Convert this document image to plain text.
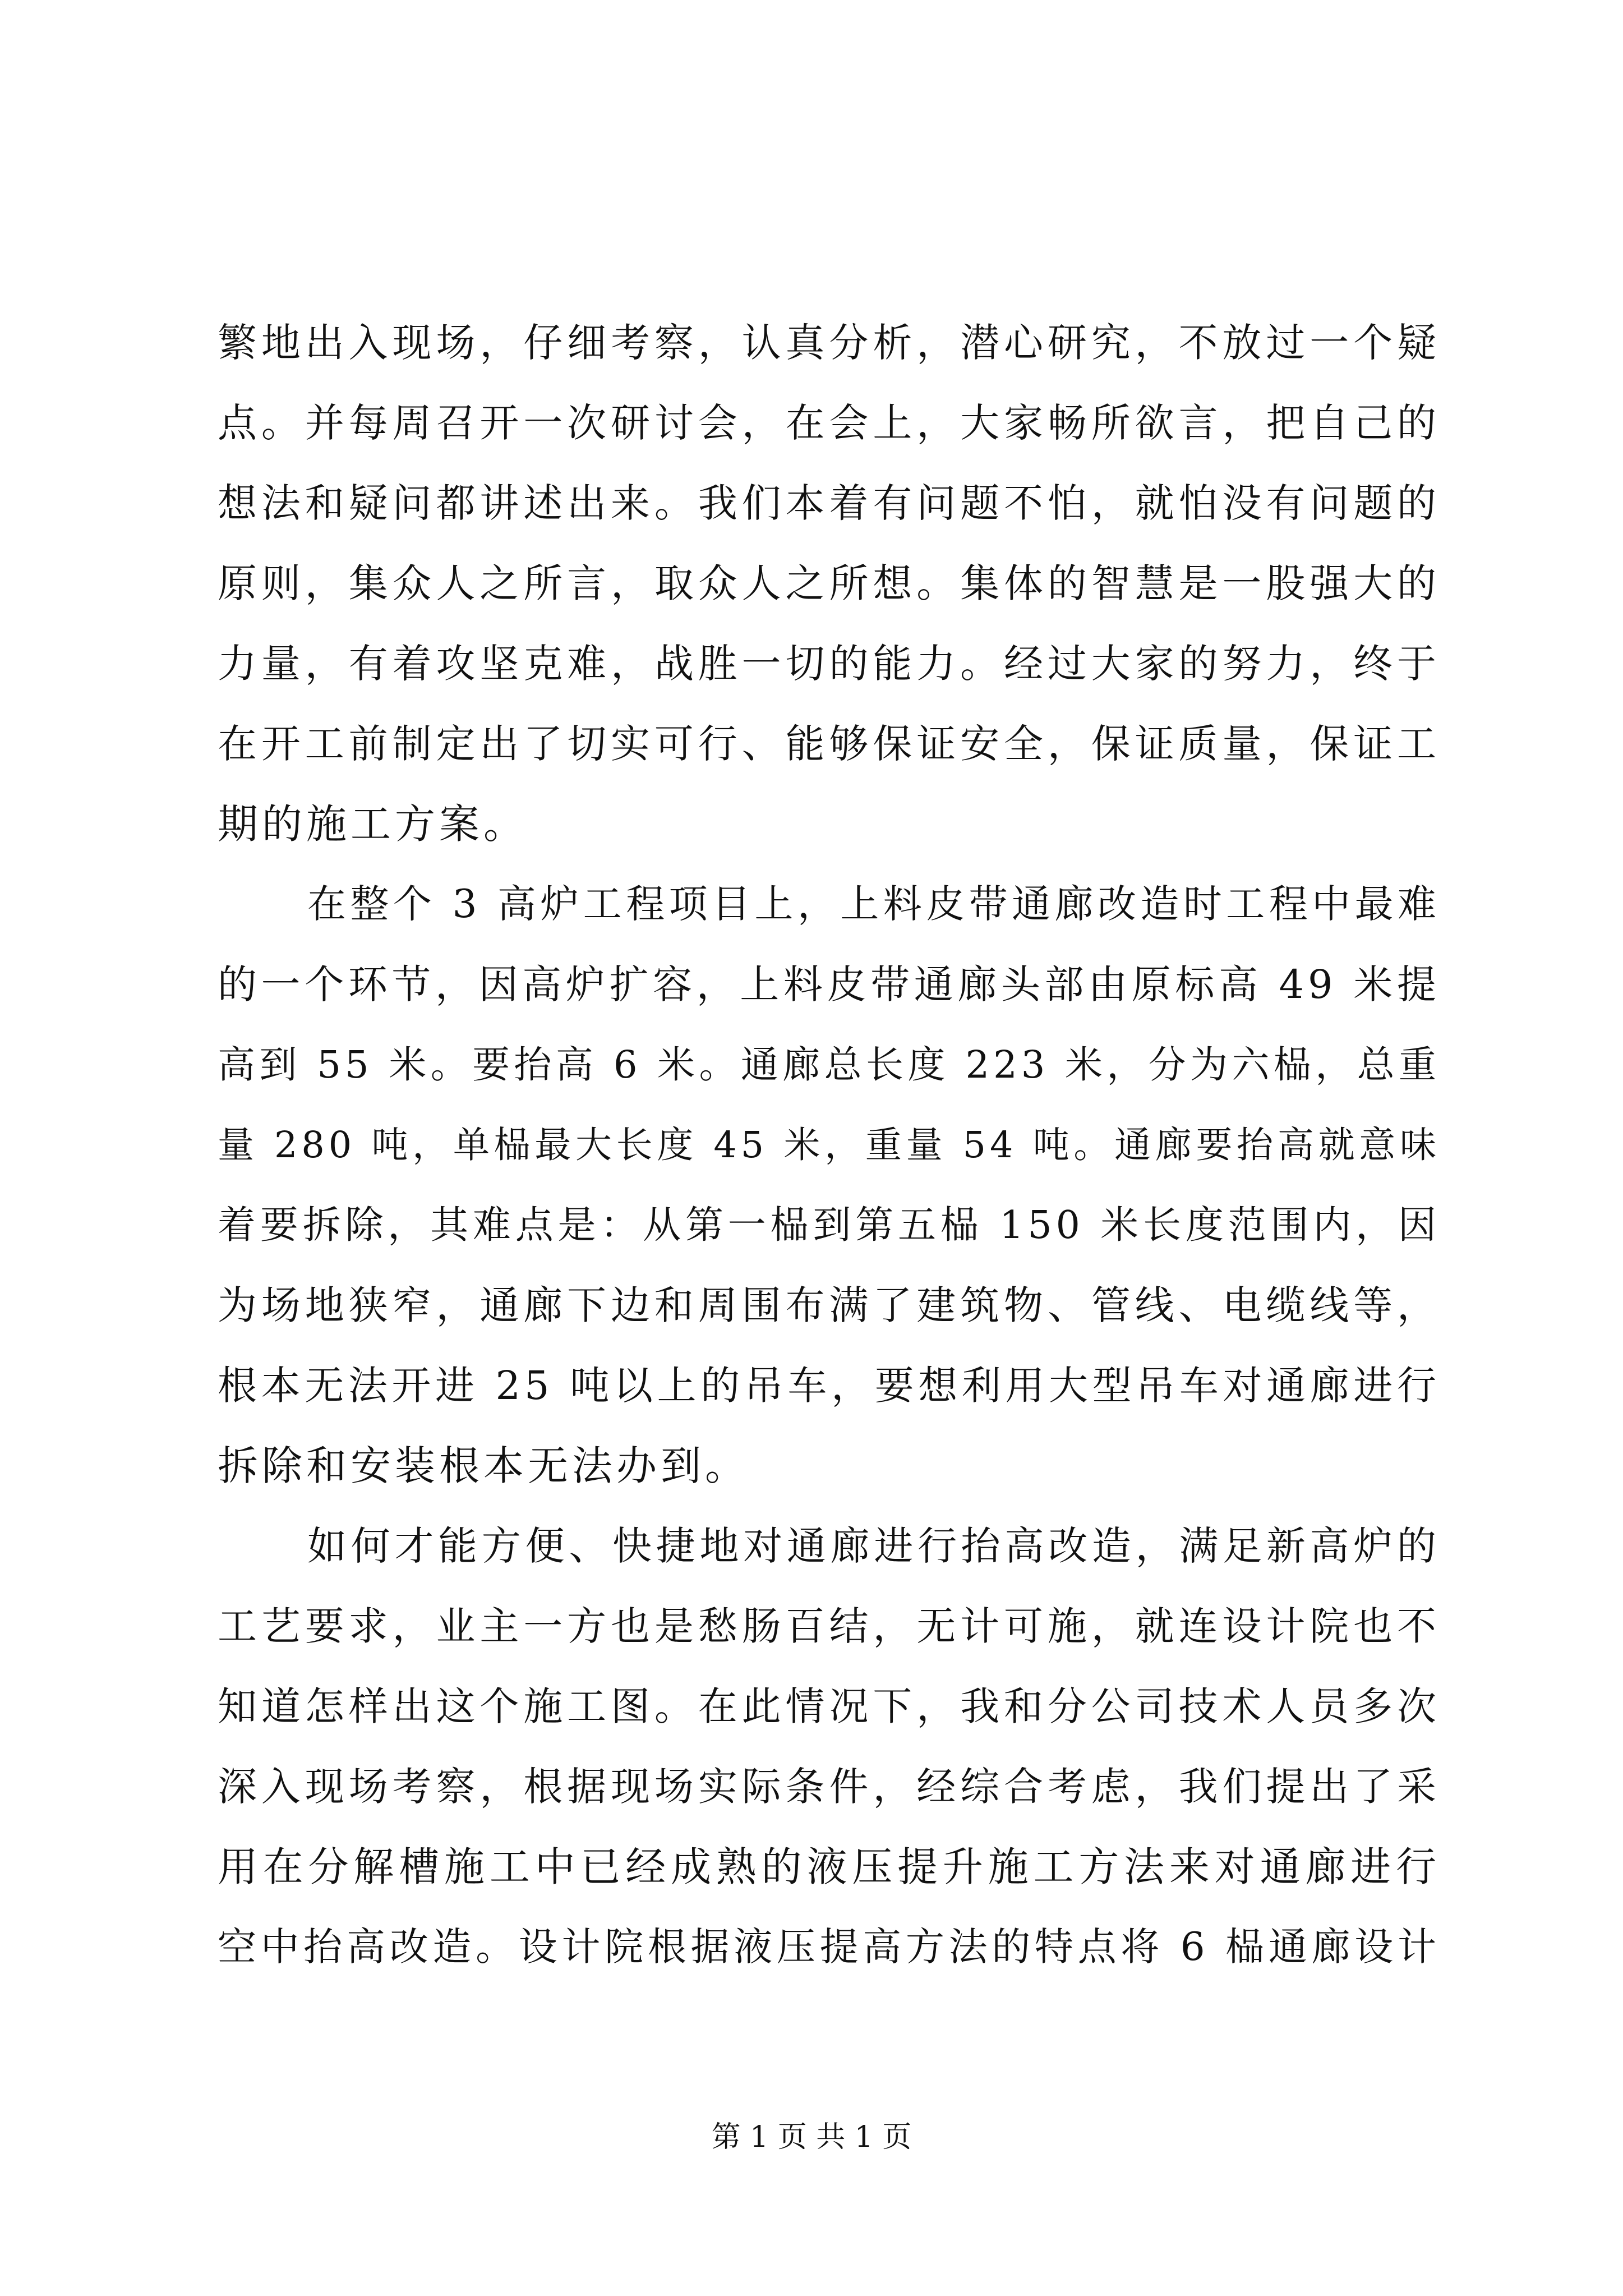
繁地出入现场，仔细考察，认真分析，潜心研究，不放过一个疑
点。并每周召开一次研讨会，在会上，大家畅所欲言，把自己的
想法和疑问都讲述出来。我们本着有问题不怕，就怕没有问题的
原则，集众人之所言，取众人之所想。集体的智慧是一股强大的
力量，有着攻坚克难，战胜一切的能力。经过大家的努力，终于
在开工前制定出了切实可行、能够保证安全，保证质量，保证工
期的施工方案。
在整个 3 高炉工程项目上，上料皮带通廊改造时工程中最难
的一个环节，因高炉扩容，上料皮带通廊头部由原标高 49 米提
高到 55 米。要抬高 6 米。通廊总长度 223 米，分为六榀，总重
量 280 吨，单榀最大长度 45 米，重量 54 吨。通廊要抬高就意味
着要拆除，其难点是：从第一榀到第五榀 150 米长度范围内，因
为场地狭窄，通廊下边和周围布满了建筑物、管线、电缆线等，
根本无法开进 25 吨以上的吊车，要想利用大型吊车对通廊进行
拆除和安装根本无法办到。
如何才能方便、快捷地对通廊进行抬高改造，满足新高炉的
工艺要求，业主一方也是愁肠百结，无计可施，就连设计院也不
知道怎样出这个施工图。在此情况下，我和分公司技术人员多次
深入现场考察，根据现场实际条件，经综合考虑，我们提出了采
用在分解槽施工中已经成熟的液压提升施工方法来对通廊进行
空中抬高改造。设计院根据液压提高方法的特点将 6 榀通廊设计
第 1 页 共 1 页
